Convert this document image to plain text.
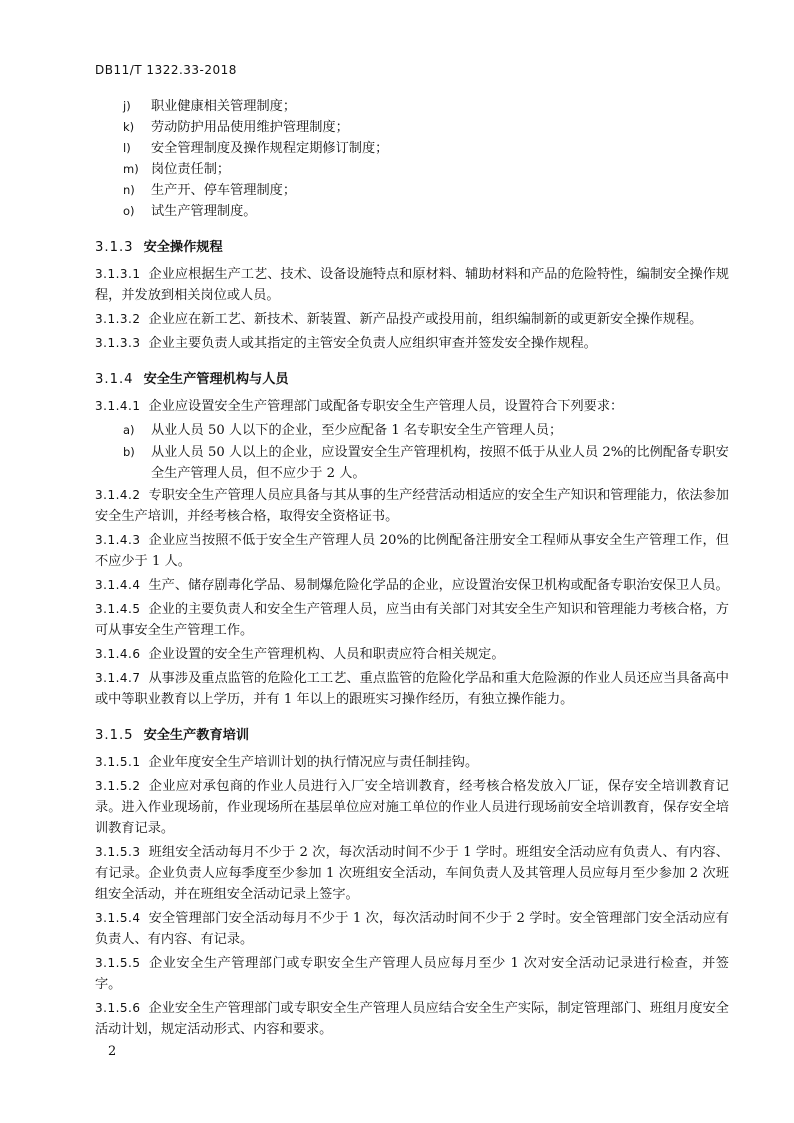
DB11/T 1322.33-2018
j) 职业健康相关管理制度；
k) 劳动防护用品使用维护管理制度；
l) 安全管理制度及操作规程定期修订制度；
m) 岗位责任制；
n) 生产开、停车管理制度；
o) 试生产管理制度。
3.1.3 安全操作规程
3.1.3.1 企业应根据生产工艺、技术、设备设施特点和原材料、辅助材料和产品的危险特性，编制安全操作规程，并发放到相关岗位或人员。
3.1.3.2 企业应在新工艺、新技术、新装置、新产品投产或投用前，组织编制新的或更新安全操作规程。
3.1.3.3 企业主要负责人或其指定的主管安全负责人应组织审查并签发安全操作规程。
3.1.4 安全生产管理机构与人员
3.1.4.1 企业应设置安全生产管理部门或配备专职安全生产管理人员，设置符合下列要求：
a) 从业人员 50 人以下的企业，至少应配备 1 名专职安全生产管理人员；
b) 从业人员 50 人以上的企业，应设置安全生产管理机构，按照不低于从业人员 2%的比例配备专职安全生产管理人员，但不应少于 2 人。
3.1.4.2 专职安全生产管理人员应具备与其从事的生产经营活动相适应的安全生产知识和管理能力，依法参加安全生产培训，并经考核合格，取得安全资格证书。
3.1.4.3 企业应当按照不低于安全生产管理人员 20%的比例配备注册安全工程师从事安全生产管理工作，但不应少于 1 人。
3.1.4.4 生产、储存剧毒化学品、易制爆危险化学品的企业，应设置治安保卫机构或配备专职治安保卫人员。
3.1.4.5 企业的主要负责人和安全生产管理人员，应当由有关部门对其安全生产知识和管理能力考核合格，方可从事安全生产管理工作。
3.1.4.6 企业设置的安全生产管理机构、人员和职责应符合相关规定。
3.1.4.7 从事涉及重点监管的危险化工工艺、重点监管的危险化学品和重大危险源的作业人员还应当具备高中或中等职业教育以上学历，并有 1 年以上的跟班实习操作经历，有独立操作能力。
3.1.5 安全生产教育培训
3.1.5.1 企业年度安全生产培训计划的执行情况应与责任制挂钩。
3.1.5.2 企业应对承包商的作业人员进行入厂安全培训教育，经考核合格发放入厂证，保存安全培训教育记录。进入作业现场前，作业现场所在基层单位应对施工单位的作业人员进行现场前安全培训教育，保存安全培训教育记录。
3.1.5.3 班组安全活动每月不少于 2 次，每次活动时间不少于 1 学时。班组安全活动应有负责人、有内容、有记录。企业负责人应每季度至少参加 1 次班组安全活动，车间负责人及其管理人员应每月至少参加 2 次班组安全活动，并在班组安全活动记录上签字。
3.1.5.4 安全管理部门安全活动每月不少于 1 次，每次活动时间不少于 2 学时。安全管理部门安全活动应有负责人、有内容、有记录。
3.1.5.5 企业安全生产管理部门或专职安全生产管理人员应每月至少 1 次对安全活动记录进行检查，并签字。
3.1.5.6 企业安全生产管理部门或专职安全生产管理人员应结合安全生产实际，制定管理部门、班组月度安全活动计划，规定活动形式、内容和要求。
2
